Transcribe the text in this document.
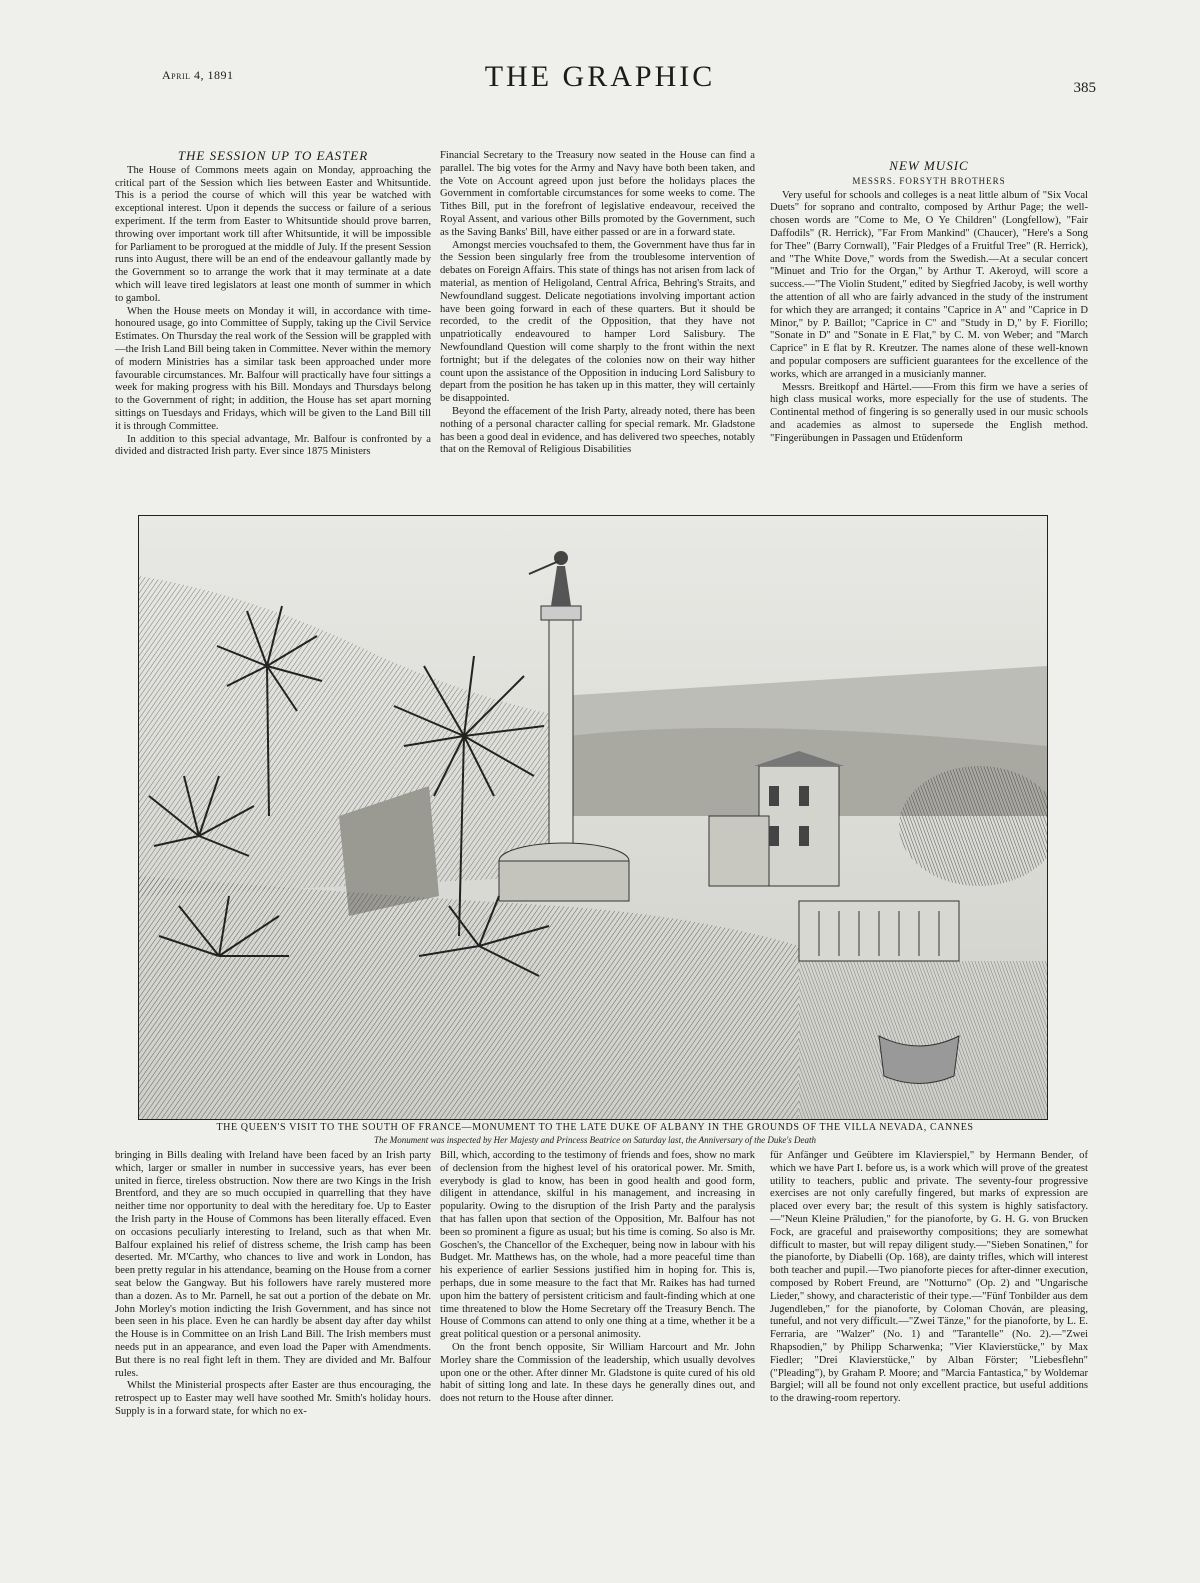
April 4, 1891	THE GRAPHIC	385
THE SESSION UP TO EASTER

The House of Commons meets again on Monday, approaching the critical part of the Session which lies between Easter and Whitsuntide. This is a period the course of which will this year be watched with exceptional interest. Upon it depends the success or failure of a serious experiment. If the term from Easter to Whitsuntide should prove barren, throwing over important work till after Whitsuntide, it will be impossible for Parliament to be prorogued at the middle of July. If the present Session runs into August, there will be an end of the endeavour gallantly made by the Government so to arrange the work that it may terminate at a date which will leave tired legislators at least one month of summer in which to gambol.

When the House meets on Monday it will, in accordance with time-honoured usage, go into Committee of Supply, taking up the Civil Service Estimates. On Thursday the real work of the Session will be grappled with—the Irish Land Bill being taken in Committee. Never within the memory of modern Ministries has a similar task been approached under more favourable circumstances. Mr. Balfour will practically have four sittings a week for making progress with his Bill. Mondays and Thursdays belong to the Government of right; in addition, the House has set apart morning sittings on Tuesdays and Fridays, which will be given to the Land Bill till it is through Committee.

In addition to this special advantage, Mr. Balfour is confronted by a divided and distracted Irish party. Ever since 1875 Ministers

Financial Secretary to the Treasury now seated in the House can find a parallel. The big votes for the Army and Navy have both been taken, and the Vote on Account agreed upon just before the holidays places the Government in comfortable circumstances for some weeks to come. The Tithes Bill, put in the forefront of legislative endeavour, received the Royal Assent, and various other Bills promoted by the Government, such as the Saving Banks' Bill, have either passed or are in a forward state.

Amongst mercies vouchsafed to them, the Government have thus far in the Session been singularly free from the troublesome intervention of debates on Foreign Affairs. This state of things has not arisen from lack of material, as mention of Heligoland, Central Africa, Behring's Straits, and Newfoundland suggest. Delicate negotiations involving important action have been going forward in each of these quarters. But it should be recorded, to the credit of the Opposition, that they have not unpatriotically endeavoured to hamper Lord Salisbury. The Newfoundland Question will come sharply to the front within the next fortnight; but if the delegates of the colonies now on their way hither count upon the assistance of the Opposition in inducing Lord Salisbury to depart from the position he has taken up in this matter, they will certainly be disappointed.

Beyond the effacement of the Irish Party, already noted, there has been nothing of a personal character calling for special remark. Mr. Gladstone has been a good deal in evidence, and has delivered two speeches, notably that on the Removal of Religious Disabilities

NEW MUSIC
MESSRS. FORSYTH BROTHERS

Very useful for schools and colleges is a neat little album of "Six Vocal Duets" for soprano and contralto, composed by Arthur Page; the well-chosen words are "Come to Me, O Ye Children" (Longfellow), "Fair Daffodils" (R. Herrick), "Far From Mankind" (Chaucer), "Here's a Song for Thee" (Barry Cornwall), "Fair Pledges of a Fruitful Tree" (R. Herrick), and "The White Dove," words from the Swedish.—At a secular concert "Minuet and Trio for the Organ," by Arthur T. Akeroyd, will score a success.—"The Violin Student," edited by Siegfried Jacoby, is well worthy the attention of all who are fairly advanced in the study of the instrument for which they are arranged; it contains "Caprice in A" and "Caprice in D Minor," by P. Baillot; "Caprice in C" and "Study in D," by F. Fiorillo; "Sonate in D" and "Sonate in E Flat," by C. M. von Weber; and "March Caprice" in E flat by R. Kreutzer. The names alone of these well-known and popular composers are sufficient guarantees for the excellence of the works, which are arranged in a musicianly manner.

Messrs. Breitkopf and Härtel.——From this firm we have a series of high class musical works, more especially for the use of students. The Continental method of fingering is so generally used in our music schools and academies as almost to supersede the English method. "Fingerübungen in Passagen und Etüdenform

THE QUEEN'S VISIT TO THE SOUTH OF FRANCE—MONUMENT TO THE LATE DUKE OF ALBANY IN THE GROUNDS OF THE VILLA NEVADA, CANNES
The Monument was inspected by Her Majesty and Princess Beatrice on Saturday last, the Anniversary of the Duke's Death

bringing in Bills dealing with Ireland have been faced by an Irish party which, larger or smaller in number in successive years, has ever been united in fierce, tireless obstruction. Now there are two Kings in the Irish Brentford, and they are so much occupied in quarrelling that they have neither time nor opportunity to deal with the hereditary foe. Up to Easter the Irish party in the House of Commons has been literally effaced. Even on occasions peculiarly interesting to Ireland, such as that when Mr. Balfour explained his relief of distress scheme, the Irish camp has been deserted. Mr. M'Carthy, who chances to live and work in London, has been pretty regular in his attendance, beaming on the House from a corner seat below the Gangway. But his followers have rarely mustered more than a dozen. As to Mr. Parnell, he sat out a portion of the debate on Mr. John Morley's motion indicting the Irish Government, and has since not been seen in his place. Even he can hardly be absent day after day whilst the House is in Committee on an Irish Land Bill. The Irish members must needs put in an appearance, and even load the Paper with Amendments. But there is no real fight left in them. They are divided and Mr. Balfour rules.

Whilst the Ministerial prospects after Easter are thus encouraging, the retrospect up to Easter may well have soothed Mr. Smith's holiday hours. Supply is in a forward state, for which no ex-

Bill, which, according to the testimony of friends and foes, show no mark of declension from the highest level of his oratorical power. Mr. Smith, everybody is glad to know, has been in good health and good form, diligent in attendance, skilful in his management, and increasing in popularity. Owing to the disruption of the Irish Party and the paralysis that has fallen upon that section of the Opposition, Mr. Balfour has not been so prominent a figure as usual; but his time is coming. So also is Mr. Goschen's, the Chancellor of the Exchequer, being now in labour with his Budget. Mr. Matthews has, on the whole, had a more peaceful time than his experience of earlier Sessions justified him in hoping for. This is, perhaps, due in some measure to the fact that Mr. Raikes has had turned upon him the battery of persistent criticism and fault-finding which at one time threatened to blow the Home Secretary off the Treasury Bench. The House of Commons can attend to only one thing at a time, whether it be a great political question or a personal animosity.

On the front bench opposite, Sir William Harcourt and Mr. John Morley share the Commission of the leadership, which usually devolves upon one or the other. After dinner Mr. Gladstone is quite cured of his old habit of sitting long and late. In these days he generally dines out, and does not return to the House after dinner.

für Anfänger und Geübtere im Klavierspiel," by Hermann Bender, of which we have Part I. before us, is a work which will prove of the greatest utility to teachers, public and private. The seventy-four progressive exercises are not only carefully fingered, but marks of expression are placed over every bar; the result of this system is highly satisfactory.—"Neun Kleine Präludien," for the pianoforte, by G. H. G. von Brucken Fock, are graceful and praiseworthy compositions; they are somewhat difficult to master, but will repay diligent study.—"Sieben Sonatinen," for the pianoforte, by Diabelli (Op. 168), are dainty trifles, which will interest both teacher and pupil.—Two pianoforte pieces for after-dinner execution, composed by Robert Freund, are "Notturno" (Op. 2) and "Ungarische Lieder," showy, and characteristic of their type.—"Fünf Tonbilder aus dem Jugendleben," for the pianoforte, by Coloman Chován, are pleasing, tuneful, and not very difficult.—"Zwei Tänze," for the pianoforte, by L. E. Ferraria, are "Walzer" (No. 1) and "Tarantelle" (No. 2).—"Zwei Rhapsodien," by Philipp Scharwenka; "Vier Klavierstücke," by Max Fiedler; "Drei Klavierstücke," by Alban Förster; "Liebesflehn" ("Pleading"), by Graham P. Moore; and "Marcia Fantastica," by Woldemar Bargiel; will all be found not only excellent practice, but useful additions to the drawing-room repertory.
